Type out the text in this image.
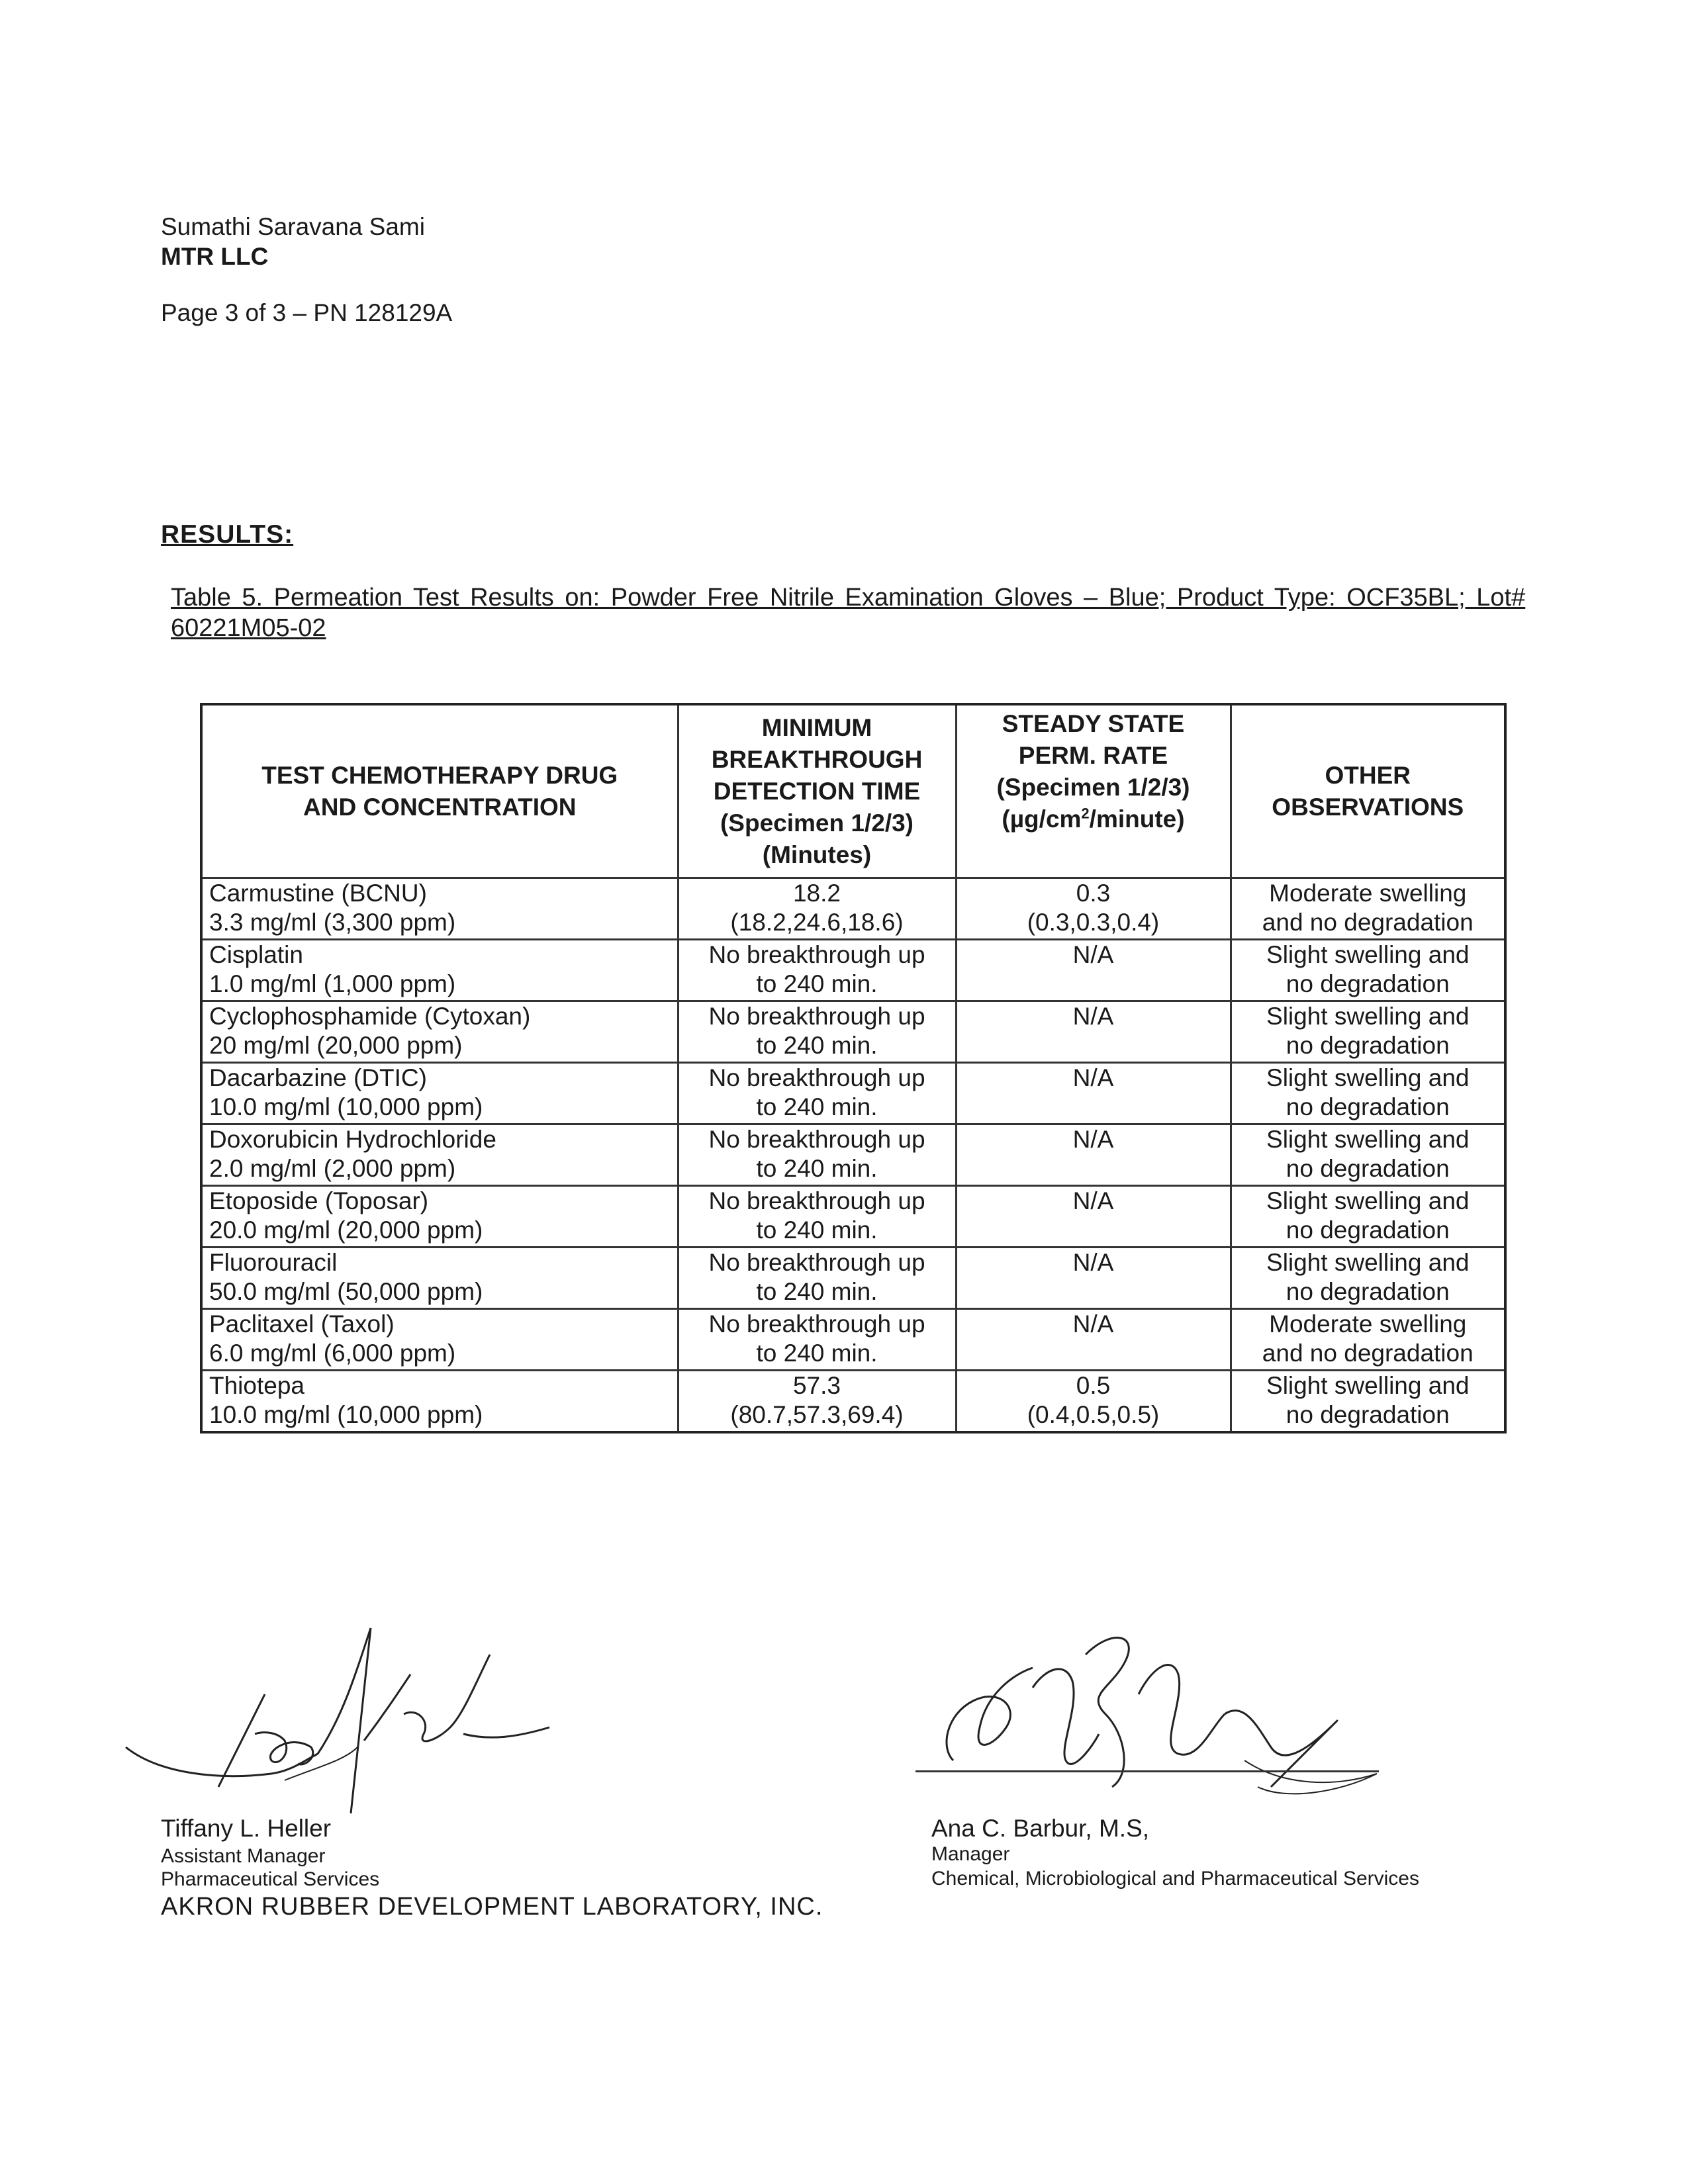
Sumathi Saravana Sami
MTR LLC
Page 3 of 3 – PN 128129A
RESULTS:
Table 5. Permeation Test Results on: Powder Free Nitrile Examination Gloves – Blue; Product Type: OCF35BL; Lot# 60221M05-02
TEST CHEMOTHERAPY DRUG
AND CONCENTRATION	MINIMUM
BREAKTHROUGH
DETECTION TIME
(Specimen 1/2/3)
(Minutes)	STEADY STATE
PERM. RATE
(Specimen 1/2/3)
$(\mu g/cm^2/minute)$	OTHER
OBSERVATIONS

Carmustine (BCNU)
3.3 mg/ml (3,300 ppm)	18.2
(18.2,24.6,18.6)	0.3
(0.3,0.3,0.4)	Moderate swelling
and no degradation

Cisplatin
1.0 mg/ml (1,000 ppm)	No breakthrough up
to 240 min.	N/A	Slight swelling and
no degradation

Cyclophosphamide (Cytoxan)
20 mg/ml (20,000 ppm)	No breakthrough up
to 240 min.	N/A	Slight swelling and
no degradation

Dacarbazine (DTIC)
10.0 mg/ml (10,000 ppm)	No breakthrough up
to 240 min.	N/A	Slight swelling and
no degradation

Doxorubicin Hydrochloride
2.0 mg/ml (2,000 ppm)	No breakthrough up
to 240 min.	N/A	Slight swelling and
no degradation

Etoposide (Toposar)
20.0 mg/ml (20,000 ppm)	No breakthrough up
to 240 min.	N/A	Slight swelling and
no degradation

Fluorouracil
50.0 mg/ml (50,000 ppm)	No breakthrough up
to 240 min.	N/A	Slight swelling and
no degradation

Paclitaxel (Taxol)
6.0 mg/ml (6,000 ppm)	No breakthrough up
to 240 min.	N/A	Moderate swelling
and no degradation

Thiotepa
10.0 mg/ml (10,000 ppm)	57.3
(80.7,57.3,69.4)	0.5
(0.4,0.5,0.5)	Slight swelling and
no degradation
Tiffany L. Heller
Assistant Manager
Pharmaceutical Services
AKRON RUBBER DEVELOPMENT LABORATORY, INC.
Ana C. Barbur, M.S,
Manager
Chemical, Microbiological and Pharmaceutical Services
